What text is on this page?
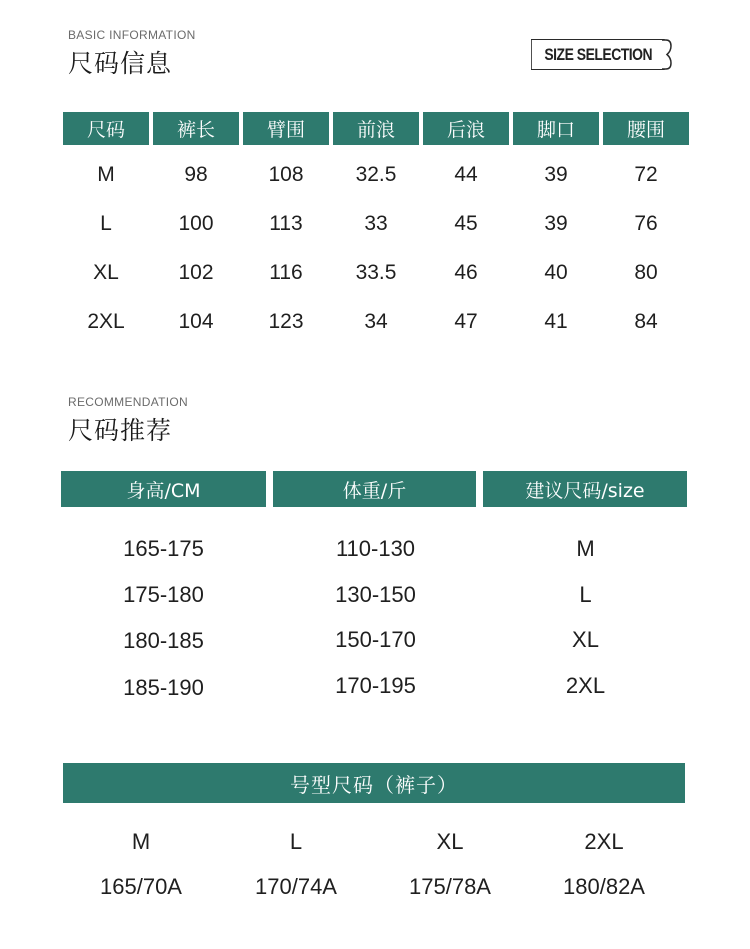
BASIC INFORMATION
尺码信息	SIZE SELECTION
尺码	裤长	臂围	前浪	后浪	脚口	腰围
M	98	108	32.5	44	39	72
L	100	113	33	45	39	76
XL	102	116	33.5	46	40	80
2XL	104	123	34	47	41	84
RECOMMENDATION
尺码推荐
身高/CM	体重/斤	建议尺码/size
165-175	110-130	M
175-180	130-150	L
180-185	150-170	XL
185-190	170-195	2XL
号型尺码（裤子）
M	L	XL	2XL
165/70A	170/74A	175/78A	180/82A
